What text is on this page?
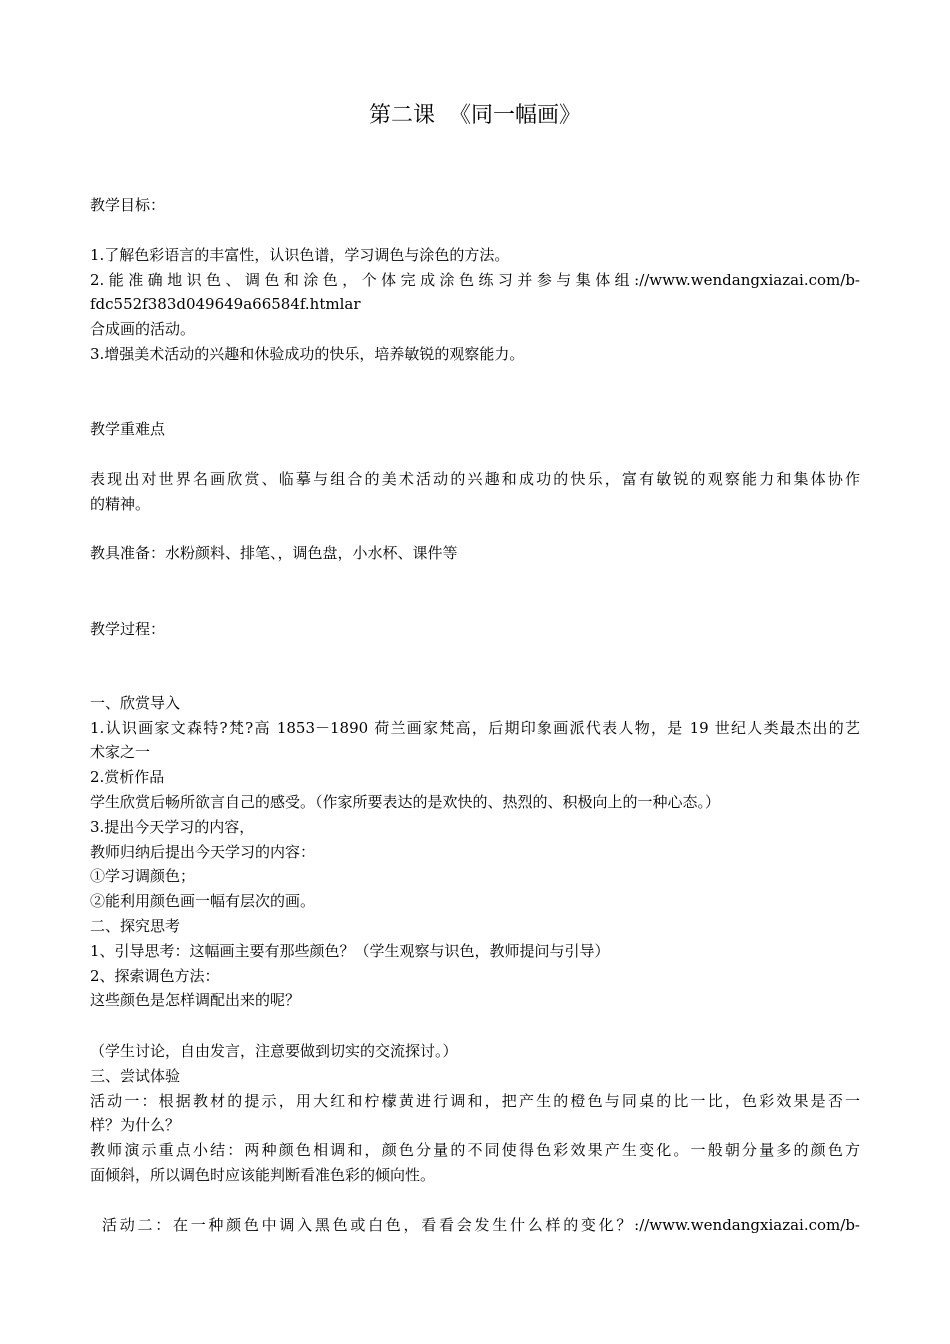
第二课  《同一幅画》
教学目标：
1.了解色彩语言的丰富性，认识色谱，学习调色与涂色的方法。
2.能准确地识色、调色和涂色，个体完成涂色练习并参与集体组://www.wendangxiazai.com/b-
fdc552f383d049649a66584f.htmlar
合成画的活动。
3.增强美术活动的兴趣和休验成功的快乐，培养敏锐的观察能力。
教学重难点
表现出对世界名画欣赏、临摹与组合的美术活动的兴趣和成功的快乐，富有敏锐的观察能力和集体协作
的精神。
教具准备：水粉颜料、排笔、，调色盘，小水杯、课件等
教学过程：
一、欣赏导入
1.认识画家文森特?梵?高 1853－1890 荷兰画家梵高，后期印象画派代表人物，是 19 世纪人类最杰出的艺
术家之一
2.赏析作品
学生欣赏后畅所欲言自己的感受。（作家所要表达的是欢快的、热烈的、积极向上的一种心态。）
3.提出今天学习的内容，
教师归纳后提出今天学习的内容：
①学习调颜色；
②能利用颜色画一幅有层次的画。
二、探究思考
1、引导思考：这幅画主要有那些颜色？（学生观察与识色，教师提问与引导）
2、探索调色方法：
这些颜色是怎样调配出来的呢？
（学生讨论，自由发言，注意要做到切实的交流探讨。）
三、尝试体验
活动一：根据教材的提示，用大红和柠檬黄进行调和，把产生的橙色与同桌的比一比，色彩效果是否一
样？为什么？
教师演示重点小结：两种颜色相调和，颜色分量的不同使得色彩效果产生变化。一般朝分量多的颜色方
面倾斜，所以调色时应该能判断看准色彩的倾向性。
活动二：在一种颜色中调入黑色或白色，看看会发生什么样的变化？://www.wendangxiazai.com/b-
